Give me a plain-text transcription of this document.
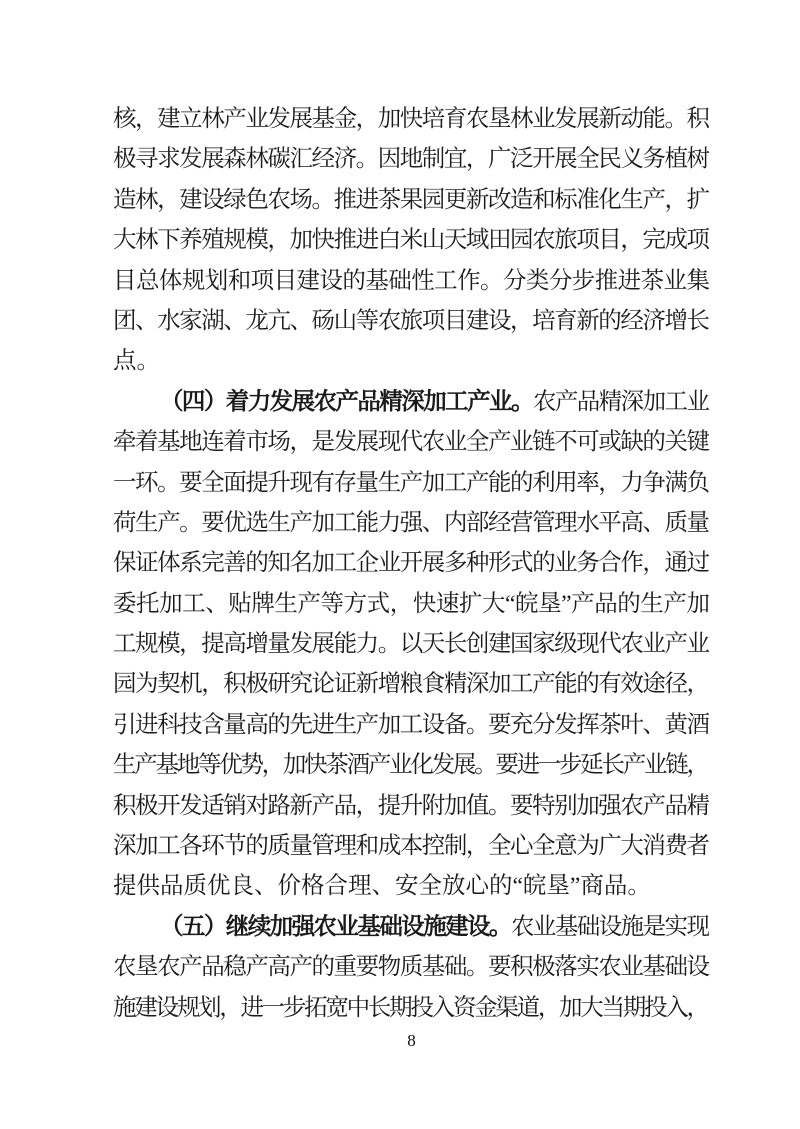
核，建立林产业发展基金，加快培育农垦林业发展新动能。积
极寻求发展森林碳汇经济。因地制宜，广泛开展全民义务植树
造林，建设绿色农场。推进茶果园更新改造和标准化生产，扩
大林下养殖规模，加快推进白米山天域田园农旅项目，完成项
目总体规划和项目建设的基础性工作。分类分步推进茶业集
团、水家湖、龙亢、砀山等农旅项目建设，培育新的经济增长
点。
（四）着力发展农产品精深加工产业。农产品精深加工业
牵着基地连着市场，是发展现代农业全产业链不可或缺的关键
一环。要全面提升现有存量生产加工产能的利用率，力争满负
荷生产。要优选生产加工能力强、内部经营管理水平高、质量
保证体系完善的知名加工企业开展多种形式的业务合作，通过
委托加工、贴牌生产等方式，快速扩大“皖垦”产品的生产加
工规模，提高增量发展能力。以天长创建国家级现代农业产业
园为契机，积极研究论证新增粮食精深加工产能的有效途径，
引进科技含量高的先进生产加工设备。要充分发挥茶叶、黄酒
生产基地等优势，加快茶酒产业化发展。要进一步延长产业链，
积极开发适销对路新产品，提升附加值。要特别加强农产品精
深加工各环节的质量管理和成本控制，全心全意为广大消费者
提供品质优良、价格合理、安全放心的“皖垦”商品。
（五）继续加强农业基础设施建设。农业基础设施是实现
农垦农产品稳产高产的重要物质基础。要积极落实农业基础设
施建设规划，进一步拓宽中长期投入资金渠道，加大当期投入，
8
